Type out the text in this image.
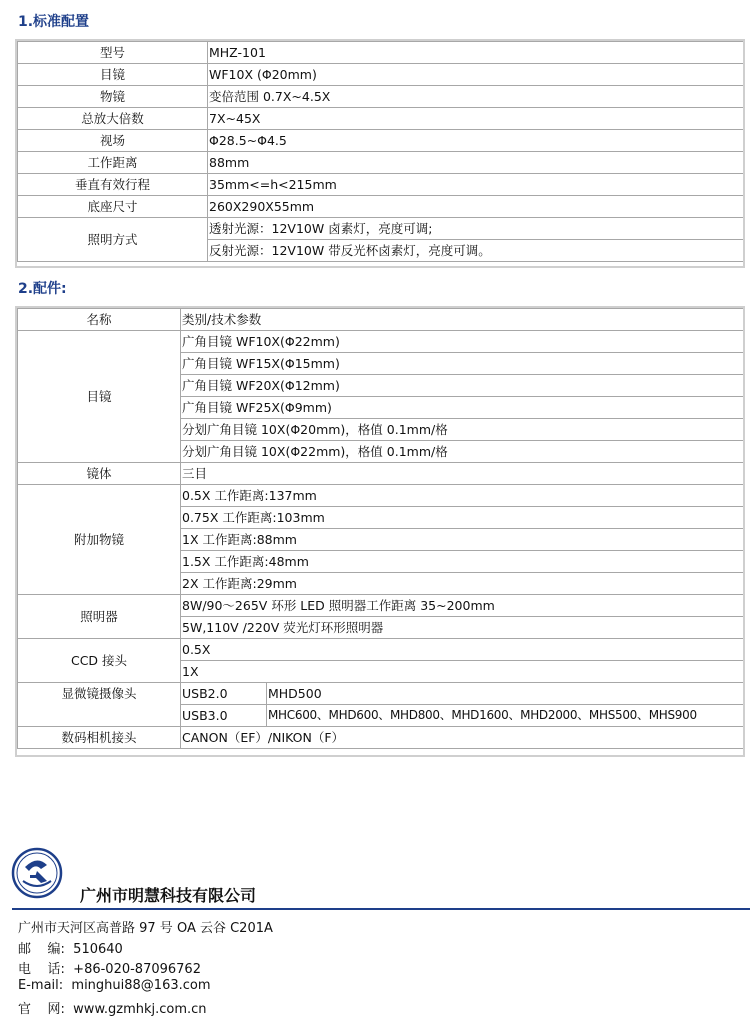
1.标准配置
型号	MHZ-101
目镜	WF10X (Φ20mm)
物镜	变倍范围 0.7X~4.5X
总放大倍数	7X~45X
视场	Φ28.5~Φ4.5
工作距离	88mm
垂直有效行程	35mm<=h<215mm
底座尺寸	260X290X55mm
照明方式	透射光源：12V10W 卤素灯，亮度可调;
	反射光源：12V10W 带反光杯卤素灯，亮度可调。
2.配件:
名称	类别/技术参数	
目镜	广角目镜 WF10X(Φ22mm)	
	广角目镜 WF15X(Φ15mm)	
	广角目镜 WF20X(Φ12mm)	
	广角目镜 WF25X(Φ9mm)	
	分划广角目镜 10X(Φ20mm)，格值 0.1mm/格	
	分划广角目镜 10X(Φ22mm)，格值 0.1mm/格	
镜体	三目	
附加物镜	0.5X 工作距离:137mm	
	0.75X 工作距离:103mm	
	1X 工作距离:88mm	
	1.5X 工作距离:48mm	
	2X 工作距离:29mm	
照明器	8W/90～265V 环形 LED 照明器工作距离 35~200mm	
	5W,110V /220V 荧光灯环形照明器	
CCD 接头	0.5X	
	1X	
显微镜摄像头	USB2.0	MHD500
	USB3.0	MHC600、MHD600、MHD800、MHD1600、MHD2000、MHS500、MHS900
数码相机接头	CANON（EF）/NIKON（F）	
广州市明慧科技有限公司
广州市天河区高普路 97 号 OA 云谷 C201A
邮    编:  510640
电    话:  +86-020-87096762
E-mail:  minghui88@163.com
官    网:  www.gzmhkj.com.cn
